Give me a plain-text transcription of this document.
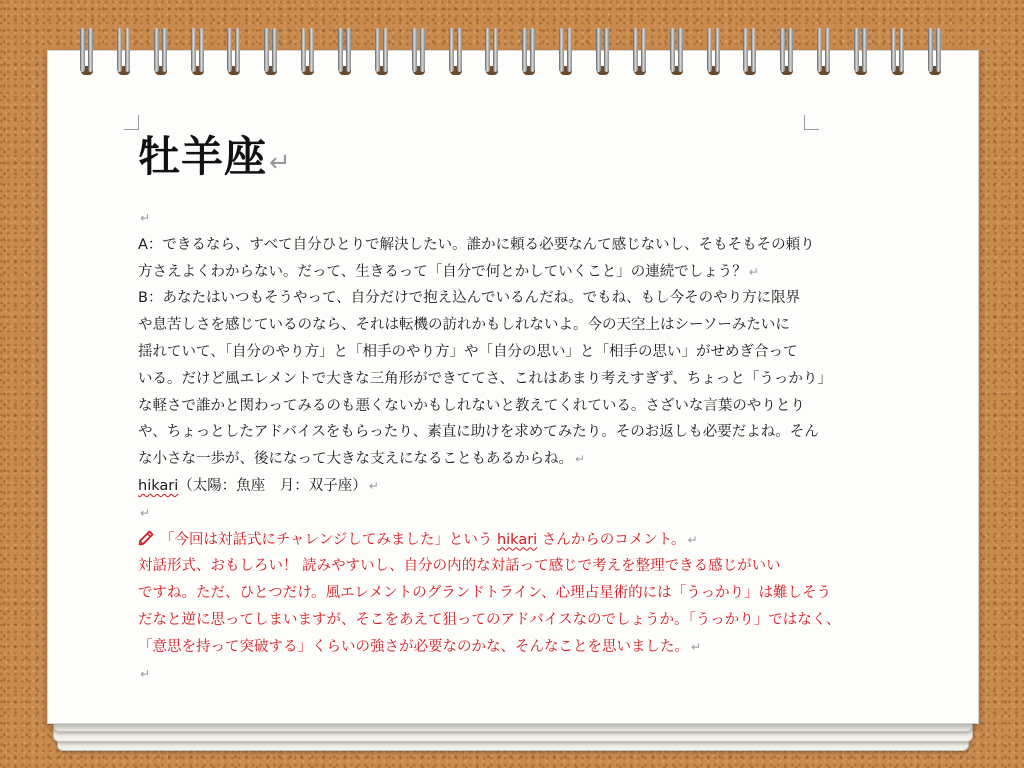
牡羊座↵
↵
A：できるなら、すべて自分ひとりで解決したい。誰かに頼る必要なんて感じないし、そもそもその頼り
方さえよくわからない。だって、生きるって「自分で何とかしていくこと」の連続でしょう？ ↵
B：あなたはいつもそうやって、自分だけで抱え込んでいるんだね。でもね、もし今そのやり方に限界
や息苦しさを感じているのなら、それは転機の訪れかもしれないよ。今の天空上はシーソーみたいに
揺れていて、「自分のやり方」と「相手のやり方」や「自分の思い」と「相手の思い」がせめぎ合って
いる。だけど風エレメントで大きな三角形ができててさ、これはあまり考えすぎず、ちょっと「うっかり」
な軽さで誰かと関わってみるのも悪くないかもしれないと教えてくれている。さざいな言葉のやりとり
や、ちょっとしたアドバイスをもらったり、素直に助けを求めてみたり。そのお返しも必要だよね。そん
な小さな一歩が、後になって大きな支えになることもあるからね。 ↵
hikari（太陽：魚座　月：双子座） ↵
↵
「今回は対話式にチャレンジしてみました」という hikari さんからのコメント。 ↵
対話形式、おもしろい！ 読みやすいし、自分の内的な対話って感じで考えを整理できる感じがいい
ですね。ただ、ひとつだけ。風エレメントのグランドトライン、心理占星術的には「うっかり」は難しそう
だなと逆に思ってしまいますが、そこをあえて狙ってのアドバイスなのでしょうか。「うっかり」ではなく、
「意思を持って突破する」くらいの強さが必要なのかな、そんなことを思いました。 ↵
↵
